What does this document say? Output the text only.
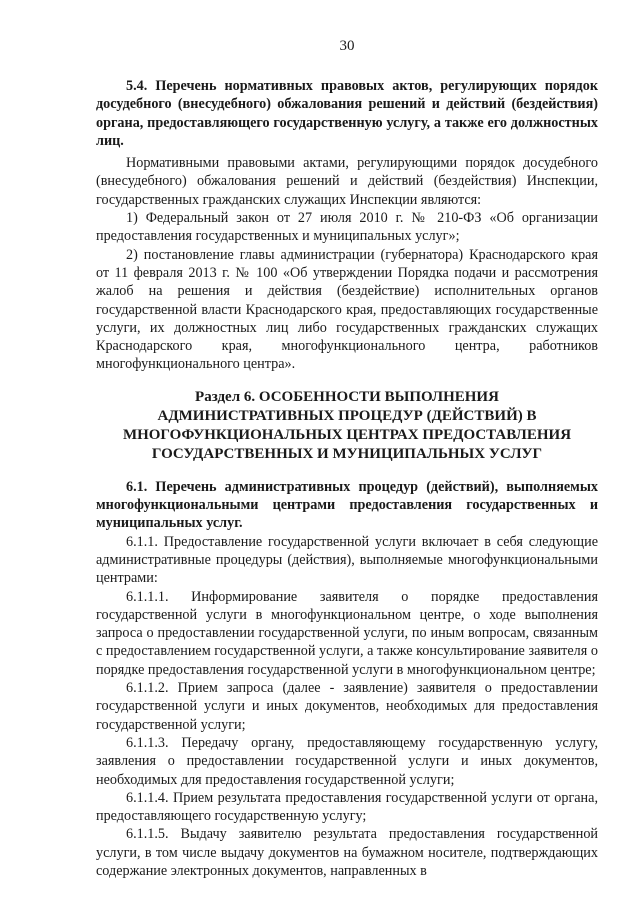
30

5.4. Перечень нормативных правовых актов, регулирующих порядок досудебного (внесудебного) обжалования решений и действий (бездействия) органа, предоставляющего государственную услугу, а также его должностных лиц.

Нормативными правовыми актами, регулирующими порядок досудебного (внесудебного) обжалования решений и действий (бездействия) Инспекции, государственных гражданских служащих Инспекции являются:

1) Федеральный закон от 27 июля 2010 г. № 210-ФЗ «Об организации предоставления государственных и муниципальных услуг»;

2) постановление главы администрации (губернатора) Краснодарского края от 11 февраля 2013 г. № 100 «Об утверждении Порядка подачи и рассмотрения жалоб на решения и действия (бездействие) исполнительных органов государственной власти Краснодарского края, предоставляющих государственные услуги, их должностных лиц либо государственных гражданских служащих Краснодарского края, многофункционального центра, работников многофункционального центра».

Раздел 6. ОСОБЕННОСТИ ВЫПОЛНЕНИЯ
АДМИНИСТРАТИВНЫХ ПРОЦЕДУР (ДЕЙСТВИЙ) В
МНОГОФУНКЦИОНАЛЬНЫХ ЦЕНТРАХ ПРЕДОСТАВЛЕНИЯ
ГОСУДАРСТВЕННЫХ И МУНИЦИПАЛЬНЫХ УСЛУГ

6.1. Перечень административных процедур (действий), выполняемых многофункциональными центрами предоставления государственных и муниципальных услуг.

6.1.1. Предоставление государственной услуги включает в себя следующие административные процедуры (действия), выполняемые многофункциональными центрами:

6.1.1.1. Информирование заявителя о порядке предоставления государственной услуги в многофункциональном центре, о ходе выполнения запроса о предоставлении государственной услуги, по иным вопросам, связанным с предоставлением государственной услуги, а также консультирование заявителя о порядке предоставления государственной услуги в многофункциональном центре;

6.1.1.2. Прием запроса (далее - заявление) заявителя о предоставлении государственной услуги и иных документов, необходимых для предоставления государственной услуги;

6.1.1.3. Передачу органу, предоставляющему государственную услугу, заявления о предоставлении государственной услуги и иных документов, необходимых для предоставления государственной услуги;

6.1.1.4. Прием результата предоставления государственной услуги от органа, предоставляющего государственную услугу;

6.1.1.5. Выдачу заявителю результата предоставления государственной услуги, в том числе выдачу документов на бумажном носителе, подтверждающих содержание электронных документов, направленных в
